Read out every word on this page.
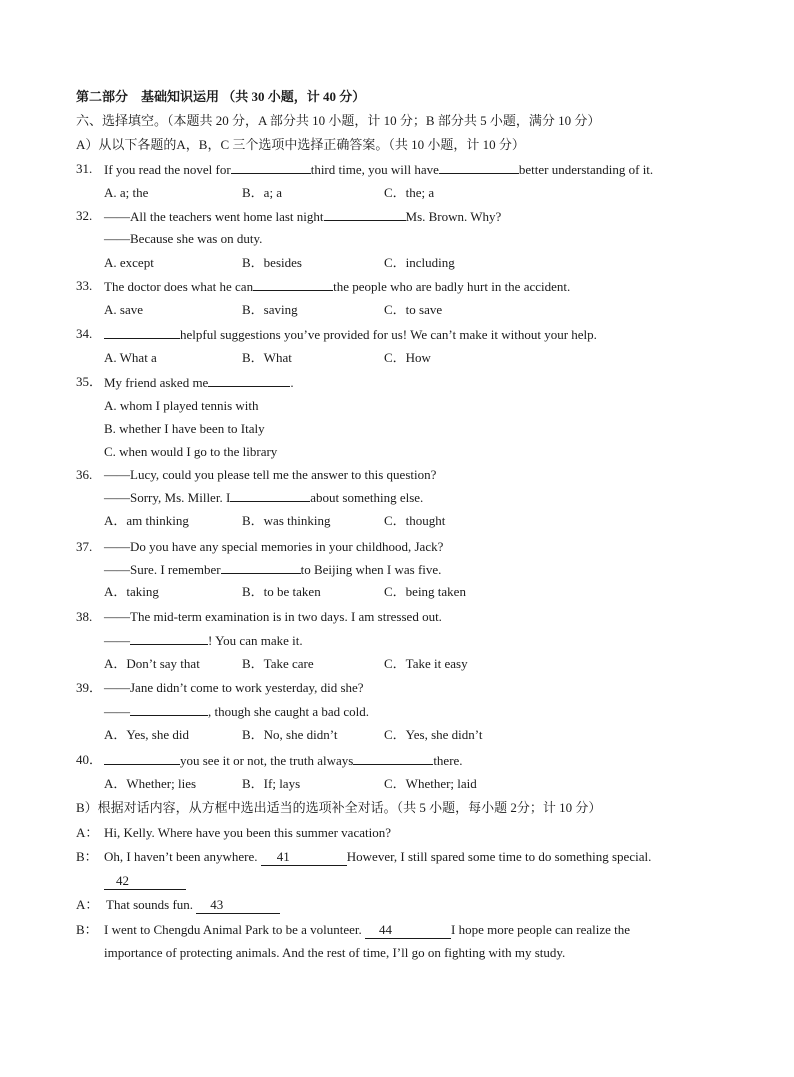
第二部分　基础知识运用 （共 30 小题，计 40 分）
六、选择填空。（本题共 20 分，A 部分共 10 小题，计 10 分；B 部分共 5 小题，满分 10 分）
A）从以下各题的A，B，C 三个选项中选择正确答案。（共 10 小题，计 10 分）
31. If you read the novel for	third time, you will have	better understanding of it.
A. a; the	B．a; a	C．the; a
32. ——All the teachers went home last night	Ms. Brown. Why?
——Because she was on duty.
A. except	B．besides	C．including
33. The doctor does what he can	the people who are badly hurt in the accident.
A. save	B．saving	C．to save
34.	helpful suggestions you’ve provided for us! We can’t make it without your help.
A. What a	B．What	C．How
35． My friend asked me	.
A. whom I played tennis with
B. whether I have been to Italy
C. when would I go to the library
36. ——Lucy, could you please tell me the answer to this question?
——Sorry, Ms. Miller. I	about something else.
A．am thinking	B．was thinking	C．thought
37. ——Do you have any special memories in your childhood, Jack?
——Sure. I remember	to Beijing when I was five.
A．taking	B．to be taken	C．being taken
38. ——The mid-term examination is in two days. I am stressed out.
——	! You can make it.
A．Don’t say that	B．Take care	C．Take it easy
39． ——Jane didn’t come to work yesterday, did she?
——	, though she caught a bad cold.
A．Yes, she did	B．No, she didn’t	C．Yes, she didn’t
40．	you see it or not, the truth always	there.
A．Whether; lies	B．If; lays	C．Whether; laid
B）根据对话内容，从方框中选出适当的选项补全对话。（共 5 小题，每小题 2分；计 10 分）
A： Hi, Kelly. Where have you been this summer vacation?
B： Oh, I haven’t been anywhere. 41	However, I still spared some time to do something special.
42
A： That sounds fun. 43
B： I went to Chengdu Animal Park to be a volunteer. 44	I hope more people can realize the
importance of protecting animals. And the rest of time, I’ll go on fighting with my study.
